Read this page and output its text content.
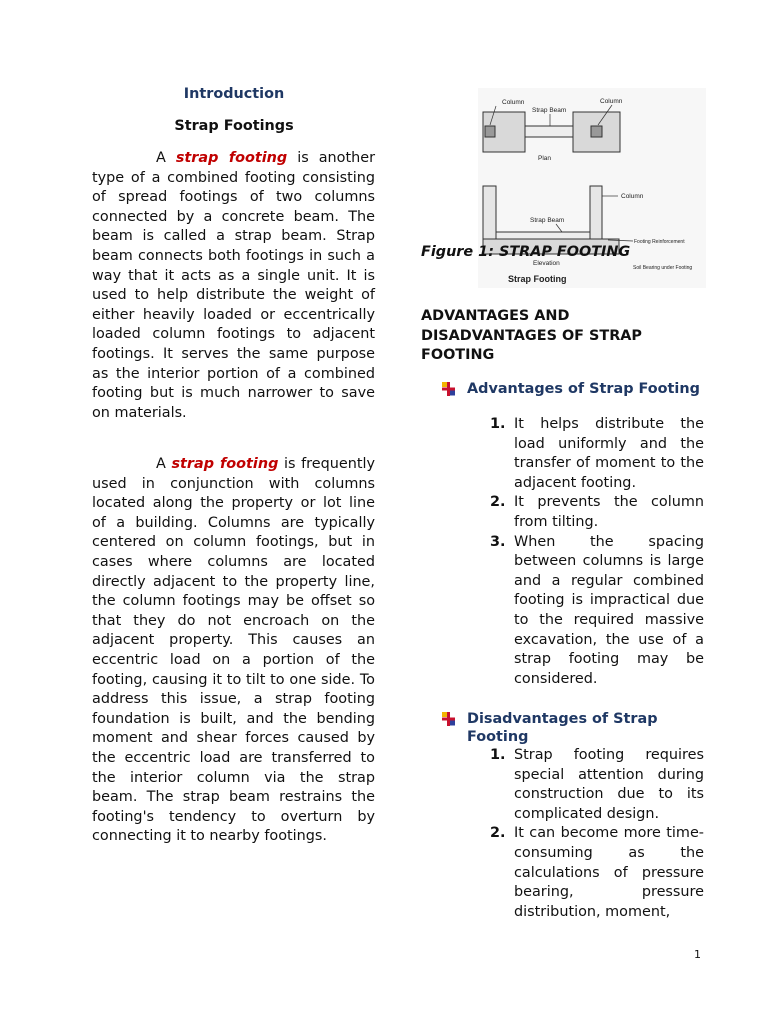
Introduction
Strap Footings

A strap footing is another type of a combined footing consisting of spread footings of two columns connected by a concrete beam. The beam is called a strap beam. Strap beam connects both footings in such a way that it acts as a single unit. It is used to help distribute the weight of either heavily loaded or eccentrically loaded column footings to adjacent footings. It serves the same purpose as the interior portion of a combined footing but is much narrower to save on materials.

A strap footing is frequently used in conjunction with columns located along the property or lot line of a building. Columns are typically centered on column footings, but in cases where columns are located directly adjacent to the property line, the column footings may be offset so that they do not encroach on the adjacent property. This causes an eccentric load on a portion of the footing, causing it to tilt to one side. To address this issue, a strap footing foundation is built, and the bending moment and shear forces caused by the eccentric load are transferred to the interior column via the strap beam. The strap beam restrains the footing's tendency to overturn by connecting it to nearby footings.

Column
Strap Beam
Column
Plan
Column
Strap Beam
Footing Reinforcement
Soil Bearing under Footing
Elevation
Strap Footing
Figure 1: STRAP FOOTING
ADVANTAGES AND DISADVANTAGES OF STRAP FOOTING
Advantages of Strap Footing
1. It helps distribute the load uniformly and the transfer of moment to the adjacent footing.
2. It prevents the column from tilting.
3. When the spacing between columns is large and a regular combined footing is impractical due to the required massive excavation, the use of a strap footing may be considered.
Disadvantages of Strap Footing
1. Strap footing requires special attention during construction due to its complicated design.
2. It can become more time-consuming as the calculations of pressure bearing, pressure distribution, moment,
1
